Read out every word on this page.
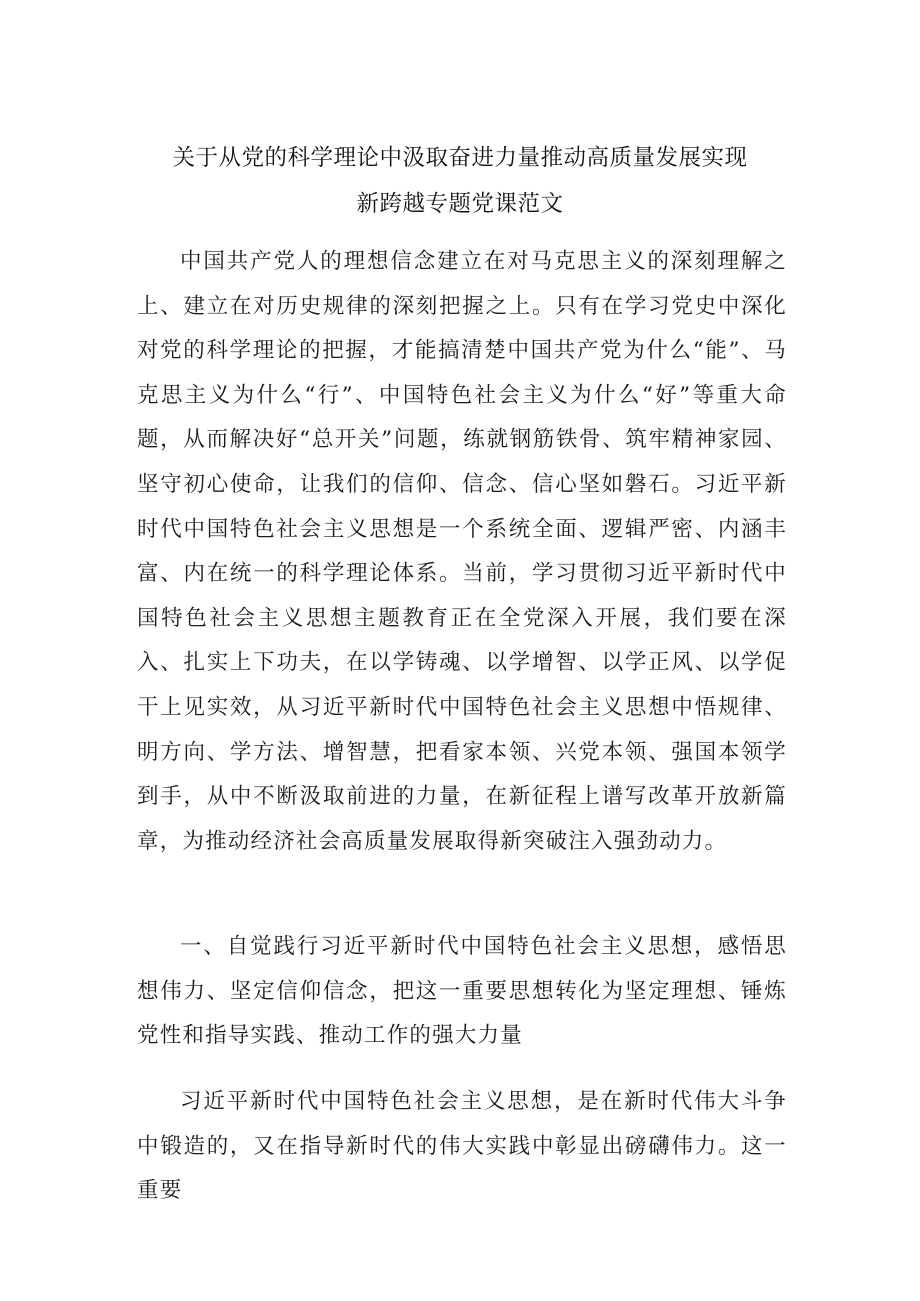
关于从党的科学理论中汲取奋进力量推动高质量发展实现
新跨越专题党课范文

中国共产党人的理想信念建立在对马克思主义的深刻理解之上、建立在对历史规律的深刻把握之上。只有在学习党史中深化对党的科学理论的把握，才能搞清楚中国共产党为什么“能”、马克思主义为什么“行”、中国特色社会主义为什么“好”等重大命题，从而解决好“总开关”问题，练就钢筋铁骨、筑牢精神家园、坚守初心使命，让我们的信仰、信念、信心坚如磐石。习近平新时代中国特色社会主义思想是一个系统全面、逻辑严密、内涵丰富、内在统一的科学理论体系。当前，学习贯彻习近平新时代中国特色社会主义思想主题教育正在全党深入开展，我们要在深入、扎实上下功夫，在以学铸魂、以学增智、以学正风、以学促干上见实效，从习近平新时代中国特色社会主义思想中悟规律、明方向、学方法、增智慧，把看家本领、兴党本领、强国本领学到手，从中不断汲取前进的力量，在新征程上谱写改革开放新篇章，为推动经济社会高质量发展取得新突破注入强劲动力。

一、自觉践行习近平新时代中国特色社会主义思想，感悟思想伟力、坚定信仰信念，把这一重要思想转化为坚定理想、锤炼党性和指导实践、推动工作的强大力量

习近平新时代中国特色社会主义思想，是在新时代伟大斗争中锻造的，又在指导新时代的伟大实践中彰显出磅礴伟力。这一重要
